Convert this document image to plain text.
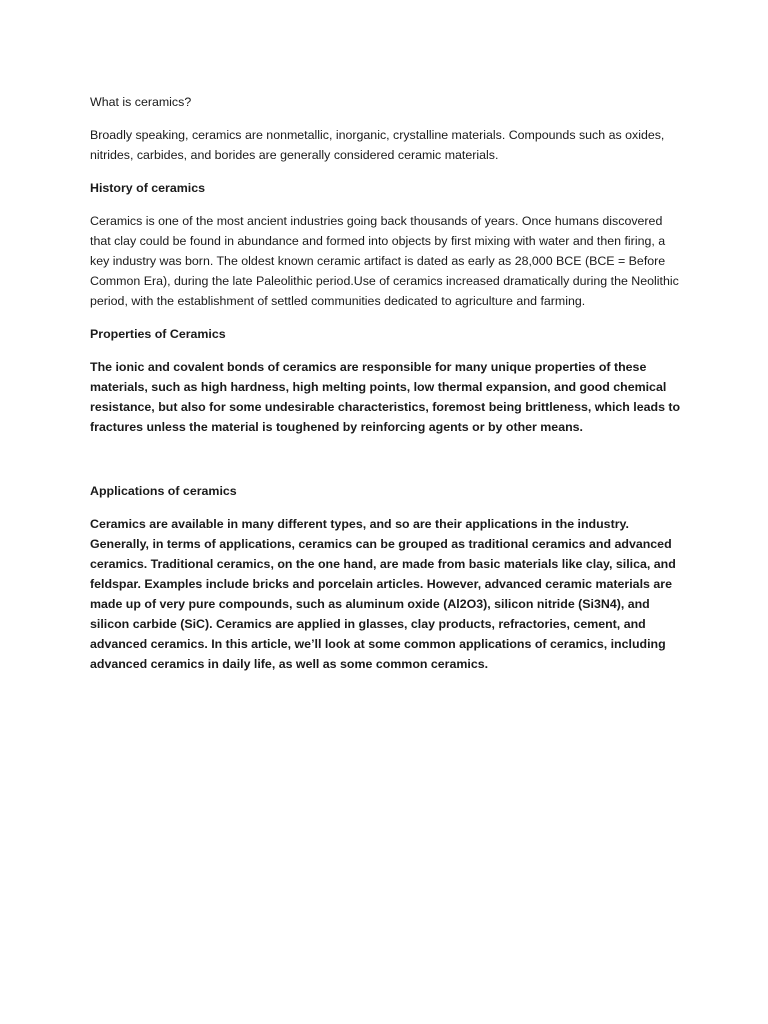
What is ceramics?

Broadly speaking, ceramics are nonmetallic, inorganic, crystalline materials. Compounds such as oxides, nitrides, carbides, and borides are generally considered ceramic materials.

History of ceramics

Ceramics is one of the most ancient industries going back thousands of years. Once humans discovered that clay could be found in abundance and formed into objects by first mixing with water and then firing, a key industry was born. The oldest known ceramic artifact is dated as early as 28,000 BCE (BCE = Before Common Era), during the late Paleolithic period.Use of ceramics increased dramatically during the Neolithic period, with the establishment of settled communities dedicated to agriculture and farming.

Properties of Ceramics

The ionic and covalent bonds of ceramics are responsible for many unique properties of these materials, such as high hardness, high melting points, low thermal expansion, and good chemical resistance, but also for some undesirable characteristics, foremost being brittleness, which leads to fractures unless the material is toughened by reinforcing agents or by other means.

Applications of ceramics

Ceramics are available in many different types, and so are their applications in the industry. Generally, in terms of applications, ceramics can be grouped as traditional ceramics and advanced ceramics. Traditional ceramics, on the one hand, are made from basic materials like clay, silica, and feldspar. Examples include bricks and porcelain articles. However, advanced ceramic materials are made up of very pure compounds, such as aluminum oxide (Al2O3), silicon nitride (Si3N4), and silicon carbide (SiC). Ceramics are applied in glasses, clay products, refractories, cement, and advanced ceramics. In this article, we’ll look at some common applications of ceramics, including advanced ceramics in daily life, as well as some common ceramics.
